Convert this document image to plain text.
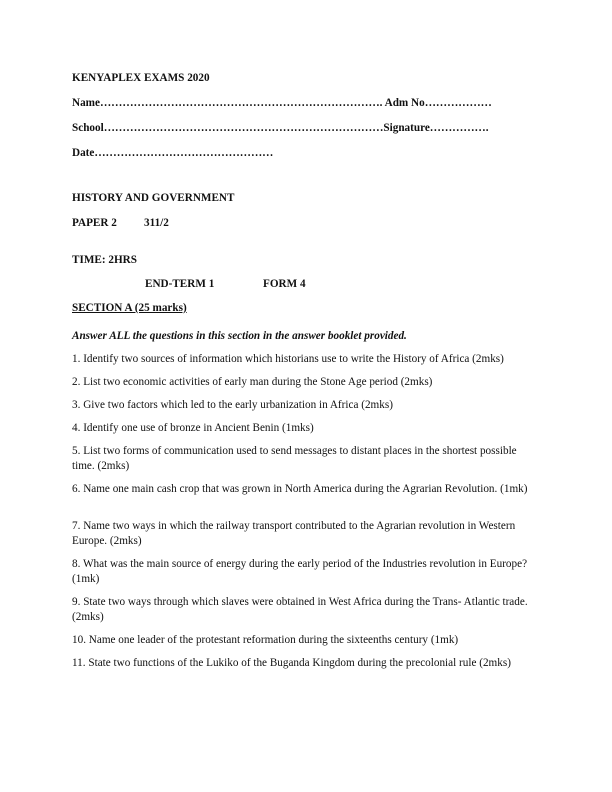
KENYAPLEX EXAMS 2020
Name…………………………………………………………………. Adm No………………
School…………………………………………………………………Signature…………….
Date…………………………………………
HISTORY AND GOVERNMENT
PAPER 2 311/2
TIME: 2HRS
END-TERM 1	FORM 4
SECTION A (25 marks)
Answer ALL the questions in this section in the answer booklet provided.
1. Identify two sources of information which historians use to write the History of Africa (2mks)
2. List two economic activities of early man during the Stone Age period (2mks)
3. Give two factors which led to the early urbanization in Africa (2mks)
4. Identify one use of bronze in Ancient Benin (1mks)
5. List two forms of communication used to send messages to distant places in the shortest possible time. (2mks)
6. Name one main cash crop that was grown in North America during the Agrarian Revolution. (1mk)
7. Name two ways in which the railway transport contributed to the Agrarian revolution in Western Europe. (2mks)
8. What was the main source of energy during the early period of the Industries revolution in Europe? (1mk)
9. State two ways through which slaves were obtained in West Africa during the Trans- Atlantic trade. (2mks)
10. Name one leader of the protestant reformation during the sixteenths century (1mk)
11. State two functions of the Lukiko of the Buganda Kingdom during the precolonial rule (2mks)
